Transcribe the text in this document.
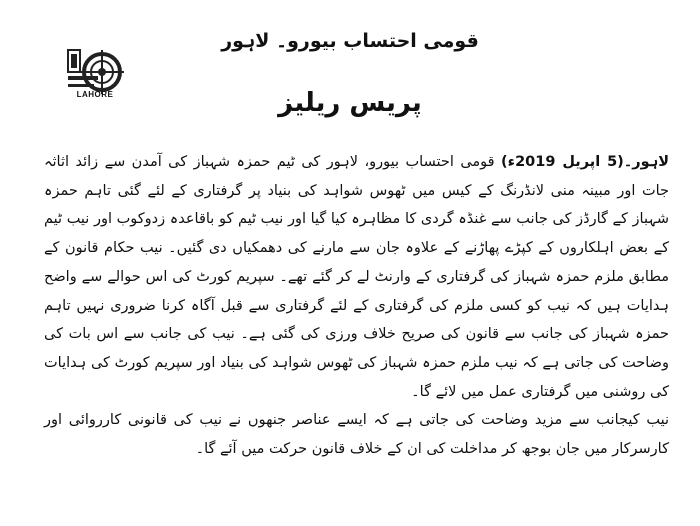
LAHORE
قومی احتساب بیورو۔ لاہور
پریس ریلیز

لاہور۔(5 اپریل 2019ء) قومی احتساب بیورو، لاہور کی ٹیم حمزہ شہباز کی آمدن سے زائد اثاثہ جات اور مبینہ منی لانڈرنگ کے کیس میں ٹھوس شواہد کی بنیاد پر گرفتاری کے لئے گئی تاہم حمزہ شہباز کے گارڈز کی جانب سے غنڈہ گردی کا مظاہرہ کیا گیا اور نیب ٹیم کو باقاعدہ زدوکوب اور نیب ٹیم کے بعض اہلکاروں کے کپڑے پھاڑنے کے علاوہ جان سے مارنے کی دھمکیاں دی گئیں۔ نیب حکام قانون کے مطابق ملزم حمزہ شہباز کی گرفتاری کے وارنٹ لے کر گئے تھے۔ سپریم کورٹ کی اس حوالے سے واضح ہدایات ہیں کہ نیب کو کسی ملزم کی گرفتاری کے لئے گرفتاری سے قبل آگاہ کرنا ضروری نہیں تاہم حمزہ شہباز کی جانب سے قانون کی صریح خلاف ورزی کی گئی ہے۔ نیب کی جانب سے اس بات کی وضاحت کی جاتی ہے کہ نیب ملزم حمزہ شہباز کی ٹھوس شواہد کی بنیاد اور سپریم کورٹ کی ہدایات کی روشنی میں گرفتاری عمل میں لائے گا۔

نیب کیجانب سے مزید وضاحت کی جاتی ہے کہ ایسے عناصر جنھوں نے نیب کی قانونی کارروائی اور کارسرکار میں جان بوجھ کر مداخلت کی ان کے خلاف قانون حرکت میں آئے گا۔
